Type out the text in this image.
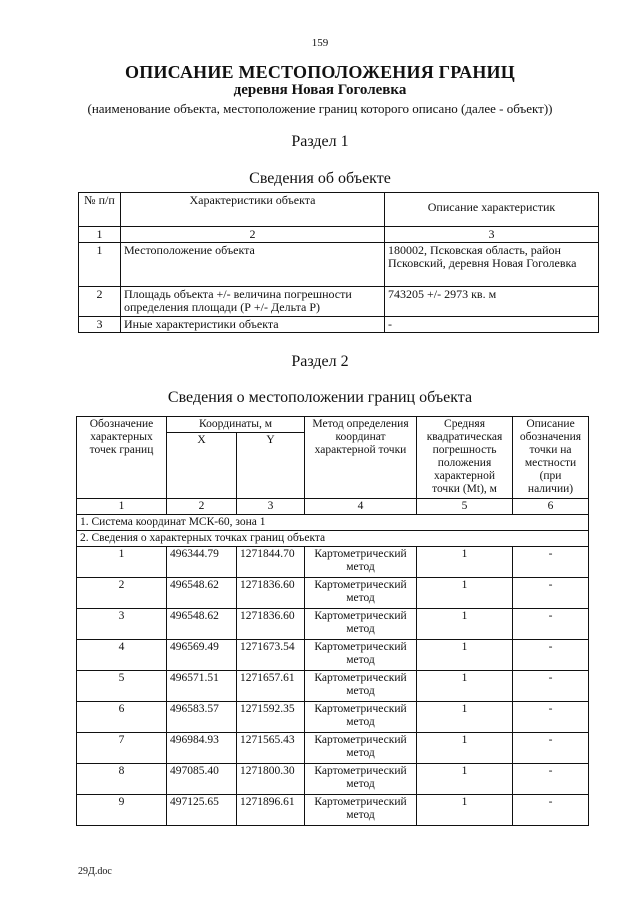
159
ОПИСАНИЕ МЕСТОПОЛОЖЕНИЯ ГРАНИЦ
деревня Новая Гоголевка
(наименование объекта, местоположение границ которого описано (далее - объект))
Раздел 1
Сведения об объекте
№ п/п	Характеристики объекта	Описание характеристик
1	2	3
1	Местоположение объекта	180002, Псковская область, район Псковский, деревня Новая Гоголевка
2	Площадь объекта +/- величина погрешности определения площади (Р +/- Дельта Р)	743205 +/- 2973 кв. м
3	Иные характеристики объекта	-
Раздел 2
Сведения о местоположении границ объекта
Обозначение характерных точек границ	Координаты, м		Метод определения координат характерной точки	Средняя квадратическая погрешность положения характерной точки (Mt), м	Описание обозначения точки на местности (при наличии)
	X	Y			
1	2	3	4	5	6
1. Система координат МСК-60, зона 1					
2. Сведения о характерных точках границ объекта					
1	496344.79	1271844.70	Картометрический метод	1	-
2	496548.62	1271836.60	Картометрический метод	1	-
3	496548.62	1271836.60	Картометрический метод	1	-
4	496569.49	1271673.54	Картометрический метод	1	-
5	496571.51	1271657.61	Картометрический метод	1	-
6	496583.57	1271592.35	Картометрический метод	1	-
7	496984.93	1271565.43	Картометрический метод	1	-
8	497085.40	1271800.30	Картометрический метод	1	-
9	497125.65	1271896.61	Картометрический метод	1	-
29Д.doc
